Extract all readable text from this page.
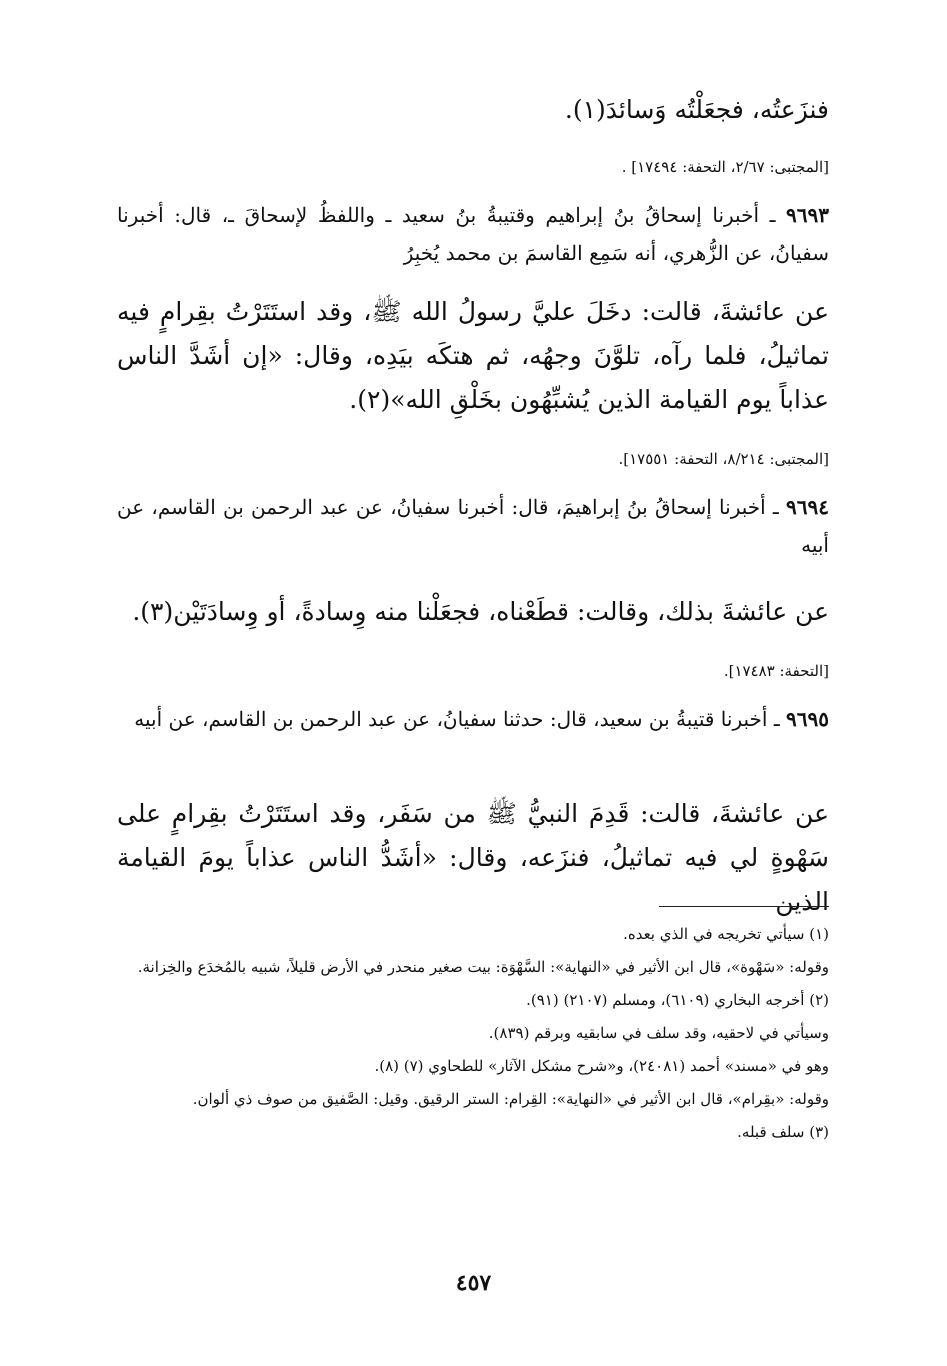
فنزَعتُه، فجعَلْتُه وَسائدَ(١).
[المجتبى: ٢/٦٧، التحفة: ١٧٤٩٤] .
٩٦٩٣ ـ أخبرنا إسحاقُ بنُ إبراهيم وقتيبةُ بنُ سعيد ـ واللفظُ لإسحاقَ ـ، قال: أخبرنا سفيانُ، عن الزُّهري، أنه سَمِع القاسمَ بن محمد يُخبِرُ
عن عائشةَ، قالت: دخَلَ عليَّ رسولُ الله ﷺ، وقد استَتَرْتُ بقِرامٍ فيه تماثيلُ، فلما رآه، تلوَّنَ وجهُه، ثم هتكَه بيَدِه، وقال: «إن أشَدَّ الناس عذاباً يوم القيامة الذين يُشبِّهُون بخَلْقِ الله»(٢).
[المجتبى: ٨/٢١٤، التحفة: ١٧٥٥١].
٩٦٩٤ ـ أخبرنا إسحاقُ بنُ إبراهيمَ، قال: أخبرنا سفيانُ، عن عبد الرحمن بن القاسم، عن أبيه
عن عائشةَ بذلك، وقالت: قطَعْناه، فجعَلْنا منه وِسادةً، أو وِسادَتَيْن(٣).
[التحفة: ١٧٤٨٣].
٩٦٩٥ ـ أخبرنا قتيبةُ بن سعيد، قال: حدثنا سفيانُ، عن عبد الرحمن بن القاسم، عن أبيه
عن عائشةَ، قالت: قَدِمَ النبيُّ ﷺ من سَفَر، وقد استَتَرْتُ بقِرامٍ على سَهْوةٍ لي فيه تماثيلُ، فنزَعه، وقال: «أشَدُّ الناس عذاباً يومَ القيامة الذين
(١) سيأتي تخريجه في الذي بعده.
وقوله: «سَهْوة»، قال ابن الأثير في «النهاية»: السَّهْوَة: بيت صغير منحدر في الأرض قليلاً، شبيه بالمُخدَع والخِزانة.
(٢) أخرجه البخاري (٦١٠٩)، ومسلم (٢١٠٧) (٩١).
وسيأتي في لاحقيه، وقد سلف في سابقيه وبرقم (٨٣٩).
وهو في «مسند» أحمد (٢٤٠٨١)، و«شرح مشكل الآثار» للطحاوي (٧) (٨).
وقوله: «بقِرام»، قال ابن الأثير في «النهاية»: القِرام: الستر الرقيق. وقيل: الصَّفيق من صوف ذي ألوان.
(٣) سلف قبله.
٤٥٧
